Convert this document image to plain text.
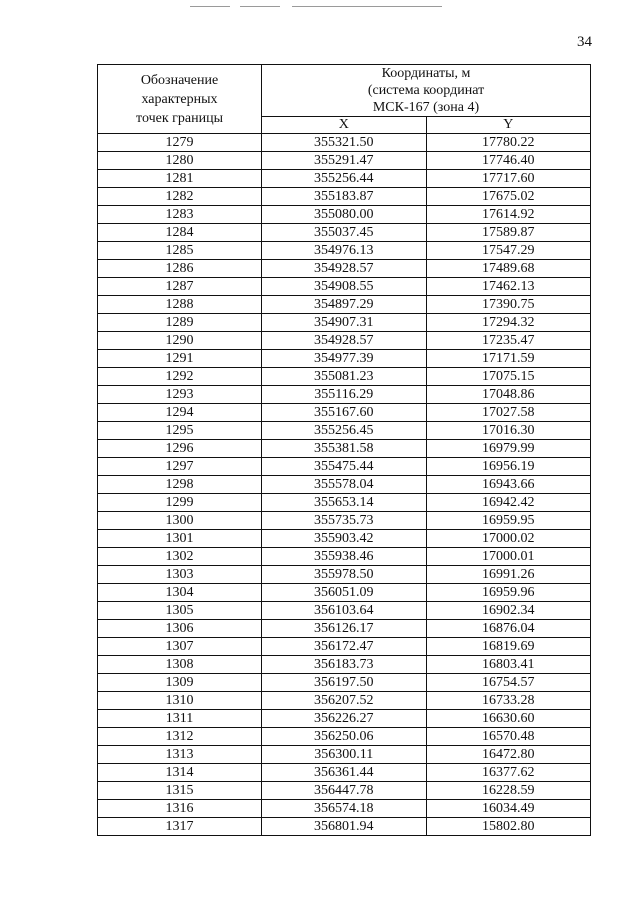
34
Обозначение
характерных
точек границы	Координаты, м
(система координат
МСК-167 (зона 4)	
	X	Y
1279	355321.50	17780.22
1280	355291.47	17746.40
1281	355256.44	17717.60
1282	355183.87	17675.02
1283	355080.00	17614.92
1284	355037.45	17589.87
1285	354976.13	17547.29
1286	354928.57	17489.68
1287	354908.55	17462.13
1288	354897.29	17390.75
1289	354907.31	17294.32
1290	354928.57	17235.47
1291	354977.39	17171.59
1292	355081.23	17075.15
1293	355116.29	17048.86
1294	355167.60	17027.58
1295	355256.45	17016.30
1296	355381.58	16979.99
1297	355475.44	16956.19
1298	355578.04	16943.66
1299	355653.14	16942.42
1300	355735.73	16959.95
1301	355903.42	17000.02
1302	355938.46	17000.01
1303	355978.50	16991.26
1304	356051.09	16959.96
1305	356103.64	16902.34
1306	356126.17	16876.04
1307	356172.47	16819.69
1308	356183.73	16803.41
1309	356197.50	16754.57
1310	356207.52	16733.28
1311	356226.27	16630.60
1312	356250.06	16570.48
1313	356300.11	16472.80
1314	356361.44	16377.62
1315	356447.78	16228.59
1316	356574.18	16034.49
1317	356801.94	15802.80
